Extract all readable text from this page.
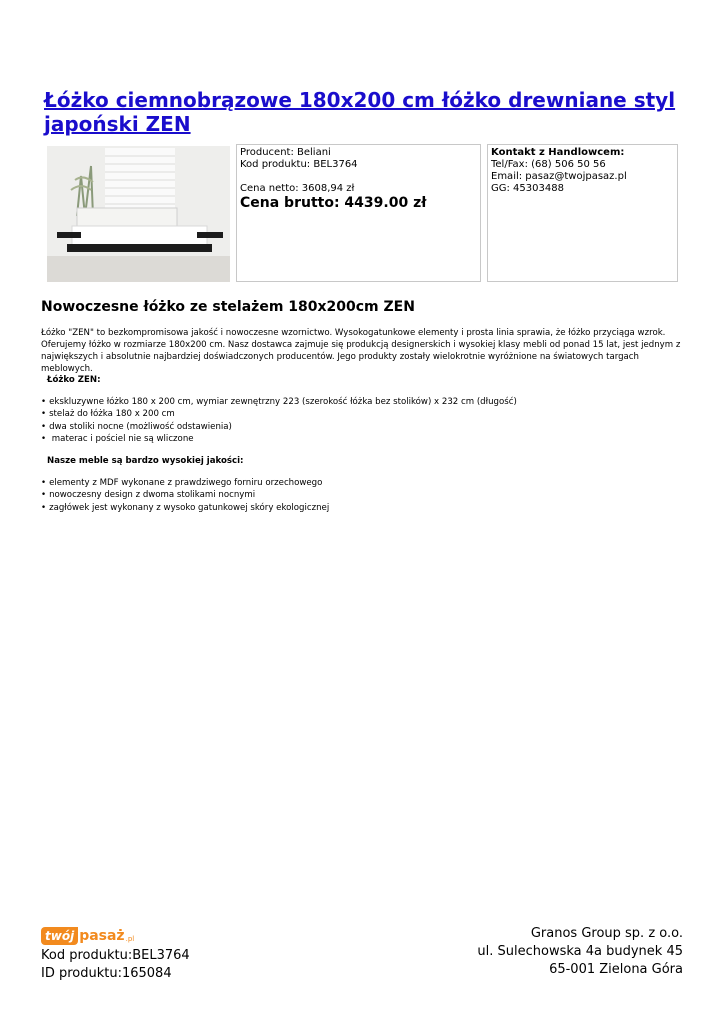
Łóżko ciemnobrązowe 180x200 cm łóżko drewniane styl japoński ZEN
Producent: Beliani
Kod produktu: BEL3764
Cena netto: 3608,94 zł
Cena brutto: 4439.00 zł
Kontakt z Handlowcem:
Tel/Fax: (68) 506 50 56
Email: pasaz@twojpasaz.pl
GG: 45303488
Nowoczesne łóżko ze stelażem 180x200cm ZEN

Łóżko "ZEN" to bezkompromisowa jakość i nowoczesne wzornictwo. Wysokogatunkowe elementy i prosta linia sprawia, że łóżko przyciąga wzrok. Oferujemy łóżko w rozmiarze 180x200 cm. Nasz dostawca zajmuje się produkcją designerskich i wysokiej klasy mebli od ponad 15 lat, jest jednym z największych i absolutnie najbardziej doświadczonych producentów. Jego produkty zostały wielokrotnie wyróżnione na światowych targach meblowych.

Łóżko ZEN:

• ekskluzywne łóżko 180 x 200 cm, wymiar zewnętrzny 223 (szerokość łóżka bez stolików) x 232 cm (długość)
• stelaż do łóżka 180 x 200 cm
• dwa stoliki nocne (możliwość odstawienia)
• materac i pościel nie są wliczone

Nasze meble są bardzo wysokiej jakości:

• elementy z MDF wykonane z prawdziwego forniru orzechowego
• nowoczesny design z dwoma stolikami nocnymi
• zagłówek jest wykonany z wysoko gatunkowej skóry ekologicznej
twój pasaż .pl
Kod produktu:BEL3764
ID produktu:165084
Granos Group sp. z o.o.
ul. Sulechowska 4a budynek 45
65-001 Zielona Góra
